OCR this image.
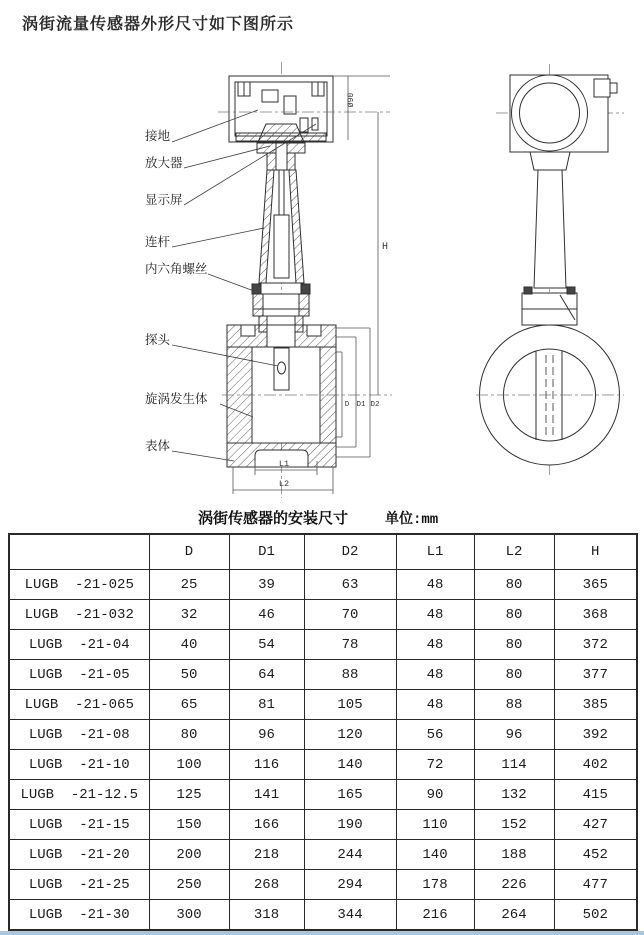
涡街流量传感器外形尺寸如下图所示
接地
放大器
显示屏
连杆
内六角螺丝
探头
旋涡发生体
表体
Ø90
H
D D1 D2
L1
L2
涡街传感器的安装尺寸	单位:mm
	D	D1	D2	L1	L2	H
LUGB  -21-025	25	39	63	48	80	365
LUGB  -21-032	32	46	70	48	80	368
LUGB  -21-04	40	54	78	48	80	372
LUGB  -21-05	50	64	88	48	80	377
LUGB  -21-065	65	81	105	48	88	385
LUGB  -21-08	80	96	120	56	96	392
LUGB  -21-10	100	116	140	72	114	402
LUGB  -21-12.5	125	141	165	90	132	415
LUGB  -21-15	150	166	190	110	152	427
LUGB  -21-20	200	218	244	140	188	452
LUGB  -21-25	250	268	294	178	226	477
LUGB  -21-30	300	318	344	216	264	502
